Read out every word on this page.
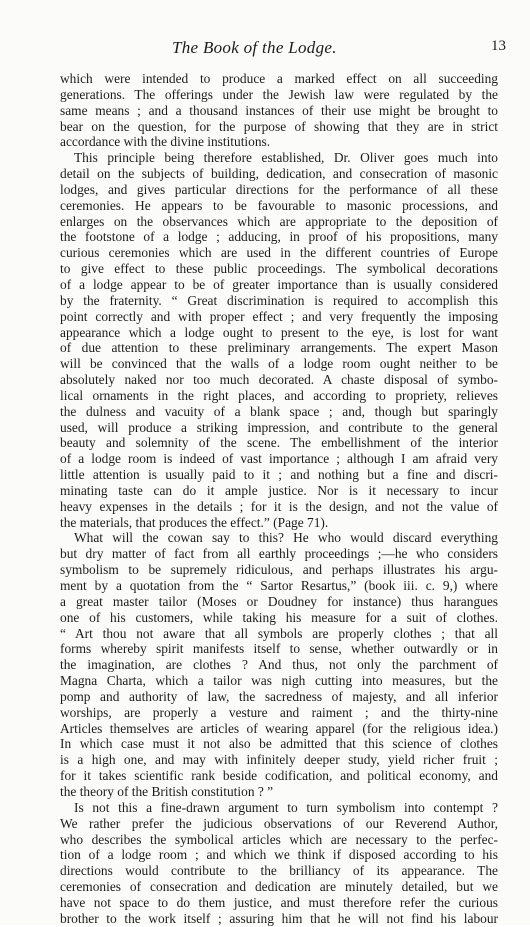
The Book of the Lodge.	13
which were intended to produce a marked effect on all succeeding
generations. The offerings under the Jewish law were regulated by the
same means ; and a thousand instances of their use might be brought to
bear on the question, for the purpose of showing that they are in strict
accordance with the divine institutions.
This principle being therefore established, Dr. Oliver goes much into
detail on the subjects of building, dedication, and consecration of masonic
lodges, and gives particular directions for the performance of all these
ceremonies. He appears to be favourable to masonic processions, and
enlarges on the observances which are appropriate to the deposition of
the footstone of a lodge ; adducing, in proof of his propositions, many
curious ceremonies which are used in the different countries of Europe
to give effect to these public proceedings. The symbolical decorations
of a lodge appear to be of greater importance than is usually considered
by the fraternity. “ Great discrimination is required to accomplish this
point correctly and with proper effect ; and very frequently the imposing
appearance which a lodge ought to present to the eye, is lost for want
of due attention to these preliminary arrangements. The expert Mason
will be convinced that the walls of a lodge room ought neither to be
absolutely naked nor too much decorated. A chaste disposal of symbo-
lical ornaments in the right places, and according to propriety, relieves
the dulness and vacuity of a blank space ; and, though but sparingly
used, will produce a striking impression, and contribute to the general
beauty and solemnity of the scene. The embellishment of the interior
of a lodge room is indeed of vast importance ; although I am afraid very
little attention is usually paid to it ; and nothing but a fine and discri-
minating taste can do it ample justice. Nor is it necessary to incur
heavy expenses in the details ; for it is the design, and not the value of
the materials, that produces the effect.” (Page 71).
What will the cowan say to this? He who would discard everything
but dry matter of fact from all earthly proceedings ;—he who considers
symbolism to be supremely ridiculous, and perhaps illustrates his argu-
ment by a quotation from the “ Sartor Resartus,” (book iii. c. 9,) where
a great master tailor (Moses or Doudney for instance) thus harangues
one of his customers, while taking his measure for a suit of clothes.
“ Art thou not aware that all symbols are properly clothes ; that all
forms whereby spirit manifests itself to sense, whether outwardly or in
the imagination, are clothes ? And thus, not only the parchment of
Magna Charta, which a tailor was nigh cutting into measures, but the
pomp and authority of law, the sacredness of majesty, and all inferior
worships, are properly a vesture and raiment ; and the thirty-nine
Articles themselves are articles of wearing apparel (for the religious idea.)
In which case must it not also be admitted that this science of clothes
is a high one, and may with infinitely deeper study, yield richer fruit ;
for it takes scientific rank beside codification, and political economy, and
the theory of the British constitution ? ”
Is not this a fine-drawn argument to turn symbolism into contempt ?
We rather prefer the judicious observations of our Reverend Author,
who describes the symbolical articles which are necessary to the perfec-
tion of a lodge room ; and which we think if disposed according to his
directions would contribute to the brilliancy of its appearance. The
ceremonies of consecration and dedication are minutely detailed, but we
have not space to do them justice, and must therefore refer the curious
brother to the work itself ; assuring him that he will not find his labour
